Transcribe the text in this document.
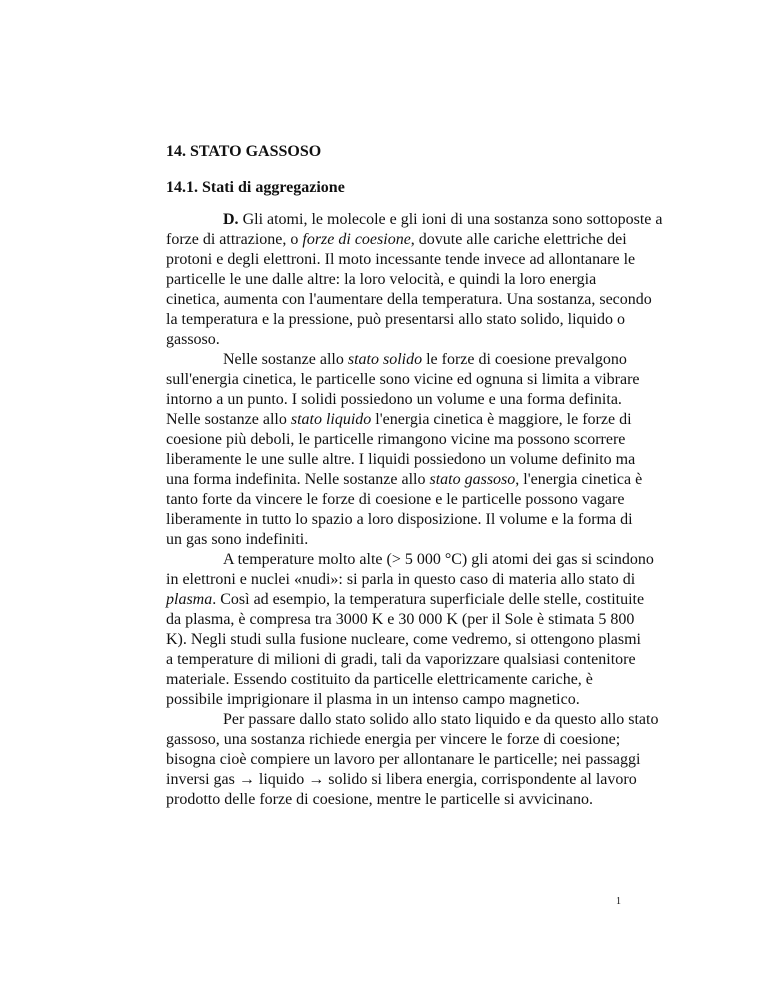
14. STATO GASSOSO
14.1. Stati di aggregazione

D. Gli atomi, le molecole e gli ioni di una sostanza sono sottoposte a

forze di attrazione, o forze di coesione, dovute alle cariche elettriche dei

protoni e degli elettroni. Il moto incessante tende invece ad allontanare le

particelle le une dalle altre: la loro velocità, e quindi la loro energia

cinetica, aumenta con l'aumentare della temperatura. Una sostanza, secondo

la temperatura e la pressione, può presentarsi allo stato solido, liquido o

gassoso.

Nelle sostanze allo stato solido le forze di coesione prevalgono

sull'energia cinetica, le particelle sono vicine ed ognuna si limita a vibrare

intorno a un punto. I solidi possiedono un volume e una forma definita.

Nelle sostanze allo stato liquido l'energia cinetica è maggiore, le forze di

coesione più deboli, le particelle rimangono vicine ma possono scorrere

liberamente le une sulle altre. I liquidi possiedono un volume definito ma

una forma indefinita. Nelle sostanze allo stato gassoso, l'energia cinetica è

tanto forte da vincere le forze di coesione e le particelle possono vagare

liberamente in tutto lo spazio a loro disposizione. Il volume e la forma di

un gas sono indefiniti.

A temperature molto alte (> 5 000 °C) gli atomi dei gas si scindono

in elettroni e nuclei «nudi»: si parla in questo caso di materia allo stato di

plasma. Così ad esempio, la temperatura superficiale delle stelle, costituite

da plasma, è compresa tra 3000 K e 30 000 K (per il Sole è stimata 5 800

K). Negli studi sulla fusione nucleare, come vedremo, si ottengono plasmi

a temperature di milioni di gradi, tali da vaporizzare qualsiasi contenitore

materiale. Essendo costituito da particelle elettricamente cariche, è

possibile imprigionare il plasma in un intenso campo magnetico.

Per passare dallo stato solido allo stato liquido e da questo allo stato

gassoso, una sostanza richiede energia per vincere le forze di coesione;

bisogna cioè compiere un lavoro per allontanare le particelle; nei passaggi

inversi gas → liquido → solido si libera energia, corrispondente al lavoro

prodotto delle forze di coesione, mentre le particelle si avvicinano.

1
